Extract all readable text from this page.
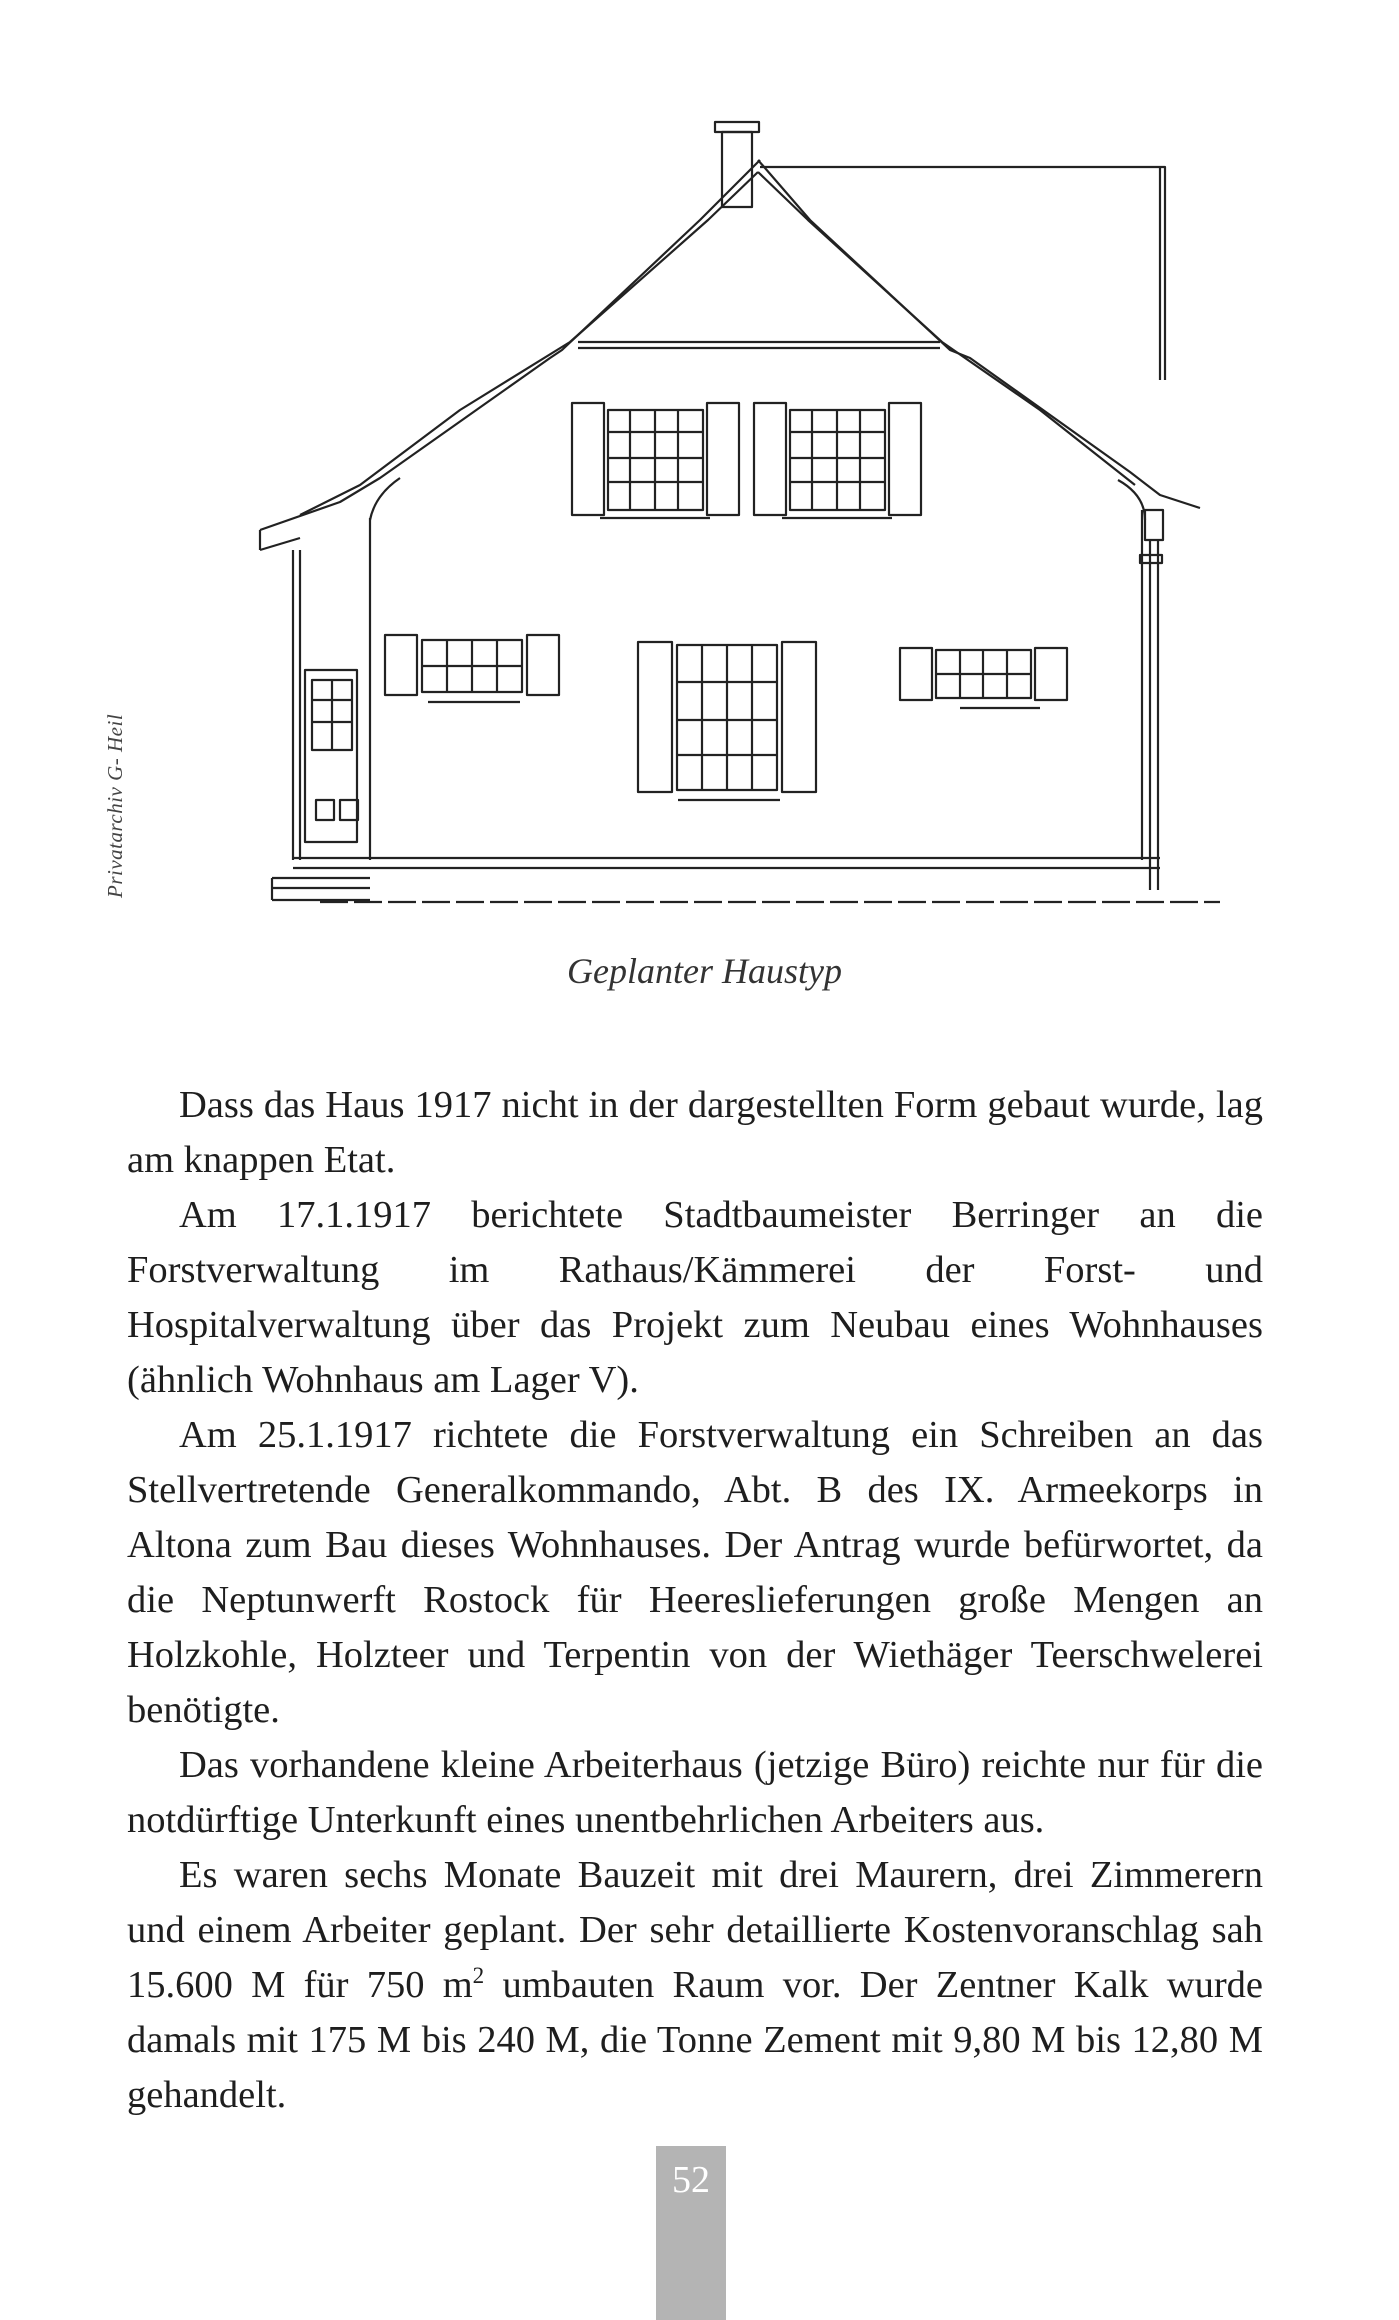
Privatarchiv G- Heil
Geplanter Haustyp

Dass das Haus 1917 nicht in der dargestellten Form gebaut wurde, lag am knappen Etat.

Am 17.1.1917 berichtete Stadtbaumeister Berringer an die Forstverwaltung im Rathaus/Kämmerei der Forst- und Hospitalverwaltung über das Projekt zum Neubau eines Wohnhauses (ähnlich Wohnhaus am Lager V).

Am 25.1.1917 richtete die Forstverwaltung ein Schreiben an das Stellvertretende Generalkommando, Abt. B des IX. Armeekorps in Altona zum Bau dieses Wohnhauses. Der Antrag wurde befürwortet, da die Neptunwerft Rostock für Heereslieferungen große Mengen an Holzkohle, Holzteer und Terpentin von der Wiethäger Teerschwelerei benötigte.

Das vorhandene kleine Arbeiterhaus (jetzige Büro) reichte nur für die notdürftige Unterkunft eines unentbehrlichen Arbeiters aus.

Es waren sechs Monate Bauzeit mit drei Maurern, drei Zimmerern und einem Arbeiter geplant. Der sehr detaillierte Kostenvoranschlag sah 15.600 M für 750 $m^2$ umbauten Raum vor. Der Zentner Kalk wurde damals mit 175 M bis 240 M, die Tonne Zement mit 9,80 M bis 12,80 M gehandelt.

52
